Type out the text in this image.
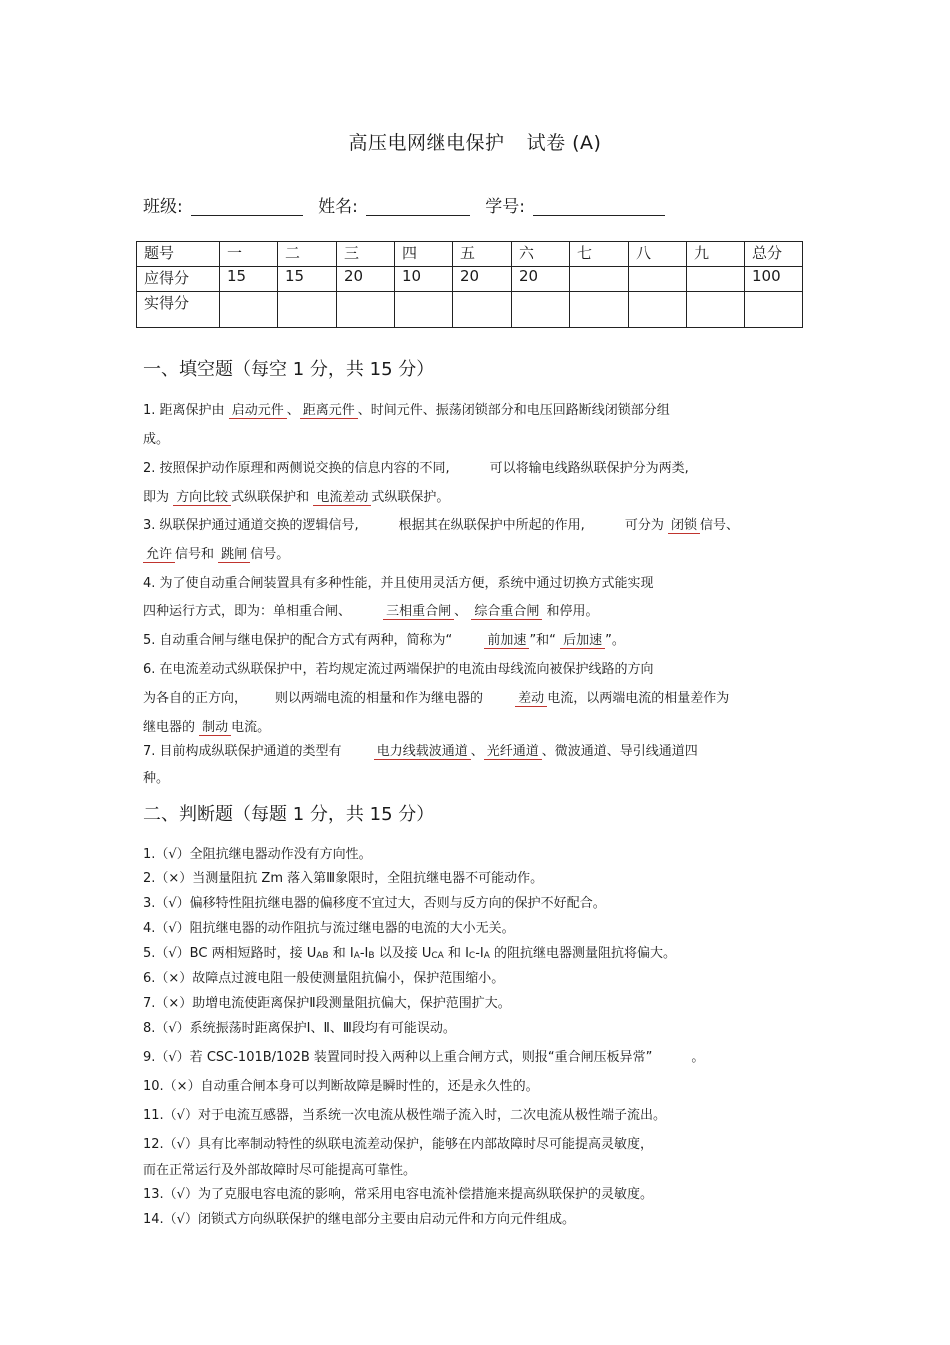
高压电网继电保护 试卷 (A)
班级:	姓名:	学号:
题号	一	二	三	四	五	六	七	八	九	总分
应得分	15	15	20	10	20	20				100
实得分										
一、填空题（每空 1 分，共 15 分）
1. 距离保护由 启动元件 、 距离元件 、时间元件、振荡闭锁部分和电压回路断线闭锁部分组
成。
2. 按照保护动作原理和两侧说交换的信息内容的不同,	可以将输电线路纵联保护分为两类,
即为 方向比较 式纵联保护和 电流差动 式纵联保护。
3. 纵联保护通过通道交换的逻辑信号,	根据其在纵联保护中所起的作用,	可分为 闭锁 信号、
允许 信号和 跳闸 信号。
4. 为了使自动重合闸装置具有多种性能，并且使用灵活方便，系统中通过切换方式能实现
四种运行方式，即为：单相重合闸、	三相重合闸 、 综合重合闸 和停用。
5. 自动重合闸与继电保护的配合方式有两种，简称为“	前加速 ”和“ 后加速 ”。
6. 在电流差动式纵联保护中，若均规定流过两端保护的电流由母线流向被保护线路的方向
为各自的正方向， 则以两端电流的相量和作为继电器的	差动 电流，以两端电流的相量差作为
继电器的 制动 电流。
7. 目前构成纵联保护通道的类型有	电力线载波通道 、 光纤通道 、微波通道、导引线通道四
种。
二、判断题（每题 1 分，共 15 分）
1.（√）全阻抗继电器动作没有方向性。
2.（×）当测量阻抗 Zm 落入第Ⅲ象限时，全阻抗继电器不可能动作。
3.（√）偏移特性阻抗继电器的偏移度不宜过大，否则与反方向的保护不好配合。
4.（√）阻抗继电器的动作阻抗与流过继电器的电流的大小无关。
5.（√）BC 两相短路时，接 $U_{AB}$ 和 $I_A-I_B$ 以及接 $U_{CA}$ 和 $I_C-I_A$ 的阻抗继电器测量阻抗将偏大。
6.（×）故障点过渡电阻一般使测量阻抗偏小，保护范围缩小。
7.（×）助增电流使距离保护Ⅱ段测量阻抗偏大，保护范围扩大。
8.（√）系统振荡时距离保护Ⅰ、Ⅱ、Ⅲ段均有可能误动。
9.（√）若 CSC-101B/102B 装置同时投入两种以上重合闸方式，则报“重合闸压板异常”　　　。
10.（×）自动重合闸本身可以判断故障是瞬时性的，还是永久性的。
11.（√）对于电流互感器，当系统一次电流从极性端子流入时，二次电流从极性端子流出。
12.（√）具有比率制动特性的纵联电流差动保护，能够在内部故障时尽可能提高灵敏度，
而在正常运行及外部故障时尽可能提高可靠性。
13.（√）为了克服电容电流的影响，常采用电容电流补偿措施来提高纵联保护的灵敏度。
14.（√）闭锁式方向纵联保护的继电部分主要由启动元件和方向元件组成。
